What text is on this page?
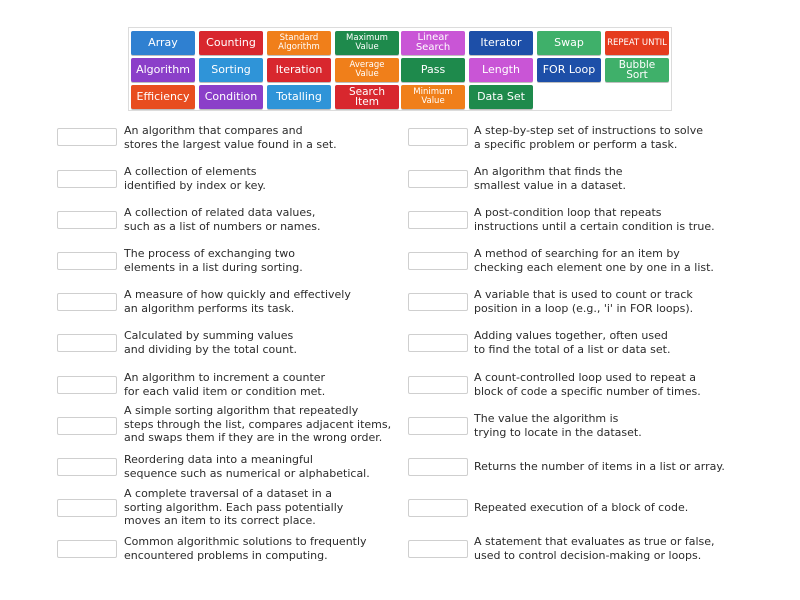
Array	Counting	Standard Algorithm
Maximum Value
Linear Search	Iterator	Swap	REPEAT UNTIL
Algorithm	Sorting	Iteration	Average Value	Pass	Length	FOR Loop	Bubble Sort
Efficiency	Condition	Totalling	Search Item
Minimum Value	Data Set
An algorithm that compares and
stores the largest value found in a set.
A collection of elements
identified by index or key.
A collection of related data values,
such as a list of numbers or names.
The process of exchanging two
elements in a list during sorting.
A measure of how quickly and effectively
an algorithm performs its task.
Calculated by summing values
and dividing by the total count.
An algorithm to increment a counter
for each valid item or condition met.
A simple sorting algorithm that repeatedly
steps through the list, compares adjacent items,
and swaps them if they are in the wrong order.
Reordering data into a meaningful
sequence such as numerical or alphabetical.
A complete traversal of a dataset in a
sorting algorithm. Each pass potentially
moves an item to its correct place.
Common algorithmic solutions to frequently
encountered problems in computing.
A step-by-step set of instructions to solve
a specific problem or perform a task.
An algorithm that finds the
smallest value in a dataset.
A post-condition loop that repeats
instructions until a certain condition is true.
A method of searching for an item by
checking each element one by one in a list.
A variable that is used to count or track
position in a loop (e.g., 'i' in FOR loops).
Adding values together, often used
to find the total of a list or data set.
A count-controlled loop used to repeat a
block of code a specific number of times.
The value the algorithm is
trying to locate in the dataset.
Returns the number of items in a list or array.
Repeated execution of a block of code.
A statement that evaluates as true or false,
used to control decision-making or loops.
